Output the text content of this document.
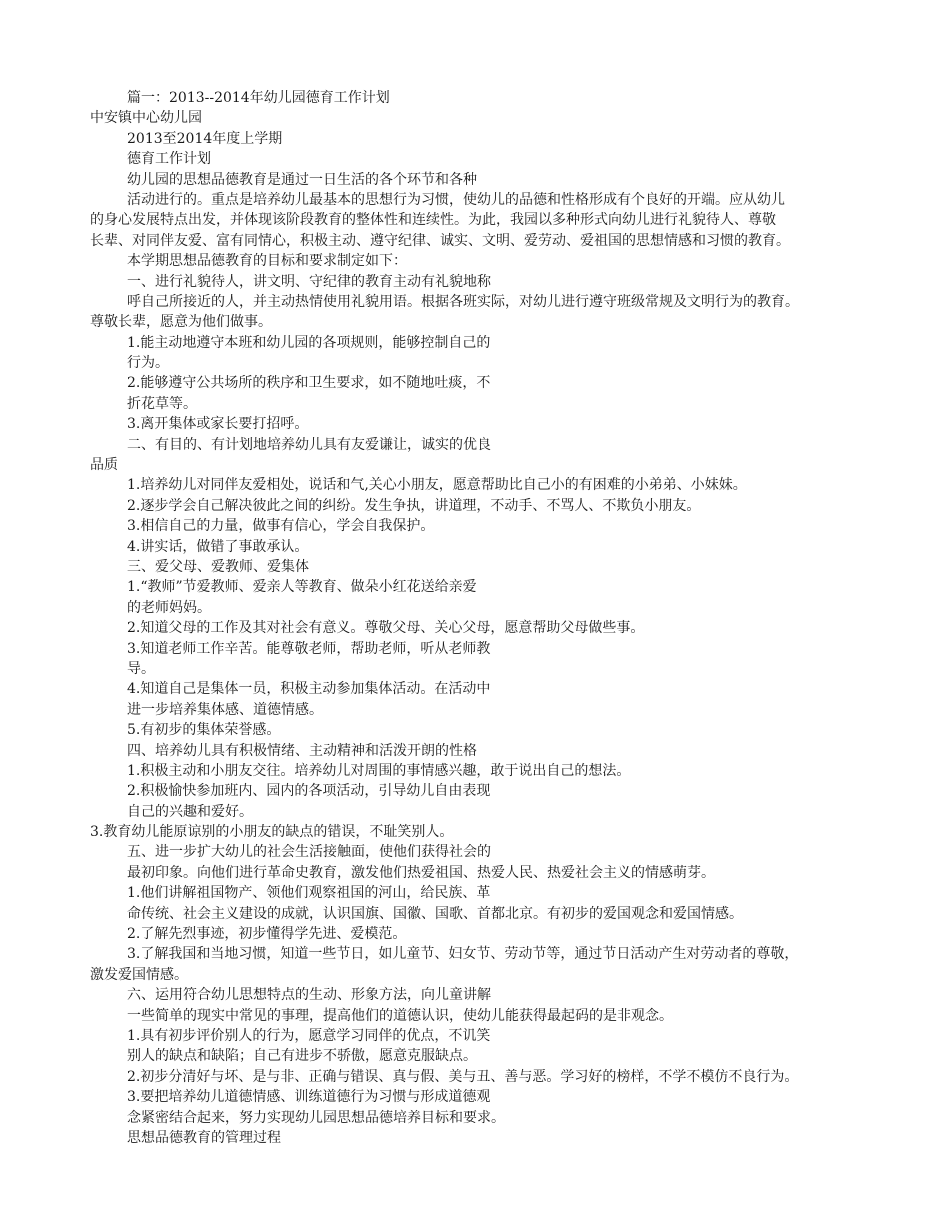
篇一：2013--2014年幼儿园德育工作计划
中安镇中心幼儿园
2013至2014年度上学期
德育工作计划
幼儿园的思想品德教育是通过一日生活的各个环节和各种
活动进行的。重点是培养幼儿最基本的思想行为习惯，使幼儿的品德和性格形成有个良好的开端。应从幼儿
的身心发展特点出发，并体现该阶段教育的整体性和连续性。为此，我园以多种形式向幼儿进行礼貌待人、尊敬
长辈、对同伴友爱、富有同情心，积极主动、遵守纪律、诚实、文明、爱劳动、爱祖国的思想情感和习惯的教育。
本学期思想品德教育的目标和要求制定如下：
一、进行礼貌待人，讲文明、守纪律的教育主动有礼貌地称
呼自己所接近的人，并主动热情使用礼貌用语。根据各班实际，对幼儿进行遵守班级常规及文明行为的教育。
尊敬长辈，愿意为他们做事。
1.能主动地遵守本班和幼儿园的各项规则，能够控制自己的
行为。
2.能够遵守公共场所的秩序和卫生要求，如不随地吐痰，不
折花草等。
3.离开集体或家长要打招呼。
二、有目的、有计划地培养幼儿具有友爱谦让，诚实的优良
品质
1.培养幼儿对同伴友爱相处，说话和气,关心小朋友，愿意帮助比自己小的有困难的小弟弟、小妹妹。
2.逐步学会自己解决彼此之间的纠纷。发生争执，讲道理，不动手、不骂人、不欺负小朋友。
3.相信自己的力量，做事有信心，学会自我保护。
4.讲实话，做错了事敢承认。
三、爱父母、爱教师、爱集体
1.“教师”节爱教师、爱亲人等教育、做朵小红花送给亲爱
的老师妈妈。
2.知道父母的工作及其对社会有意义。尊敬父母、关心父母，愿意帮助父母做些事。
3.知道老师工作辛苦。能尊敬老师，帮助老师，听从老师教
导。
4.知道自己是集体一员，积极主动参加集体活动。在活动中
进一步培养集体感、道德情感。
5.有初步的集体荣誉感。
四、培养幼儿具有积极情绪、主动精神和活泼开朗的性格
1.积极主动和小朋友交往。培养幼儿对周围的事情感兴趣，敢于说出自己的想法。
2.积极愉快参加班内、园内的各项活动，引导幼儿自由表现
自己的兴趣和爱好。
3.教育幼儿能原谅别的小朋友的缺点的错误，不耻笑别人。
五、进一步扩大幼儿的社会生活接触面，使他们获得社会的
最初印象。向他们进行革命史教育，激发他们热爱祖国、热爱人民、热爱社会主义的情感萌芽。
1.他们讲解祖国物产、领他们观察祖国的河山，给民族、革
命传统、社会主义建设的成就，认识国旗、国徽、国歌、首都北京。有初步的爱国观念和爱国情感。
2.了解先烈事迹，初步懂得学先进、爱模范。
3.了解我国和当地习惯，知道一些节日，如儿童节、妇女节、劳动节等，通过节日活动产生对劳动者的尊敬，
激发爱国情感。
六、运用符合幼儿思想特点的生动、形象方法，向儿童讲解
一些简单的现实中常见的事理，提高他们的道德认识，使幼儿能获得最起码的是非观念。
1.具有初步评价别人的行为，愿意学习同伴的优点，不讥笑
别人的缺点和缺陷；自己有进步不骄傲，愿意克服缺点。
2.初步分清好与坏、是与非、正确与错误、真与假、美与丑、善与恶。学习好的榜样，不学不模仿不良行为。
3.要把培养幼儿道德情感、训练道德行为习惯与形成道德观
念紧密结合起来，努力实现幼儿园思想品德培养目标和要求。
思想品德教育的管理过程
